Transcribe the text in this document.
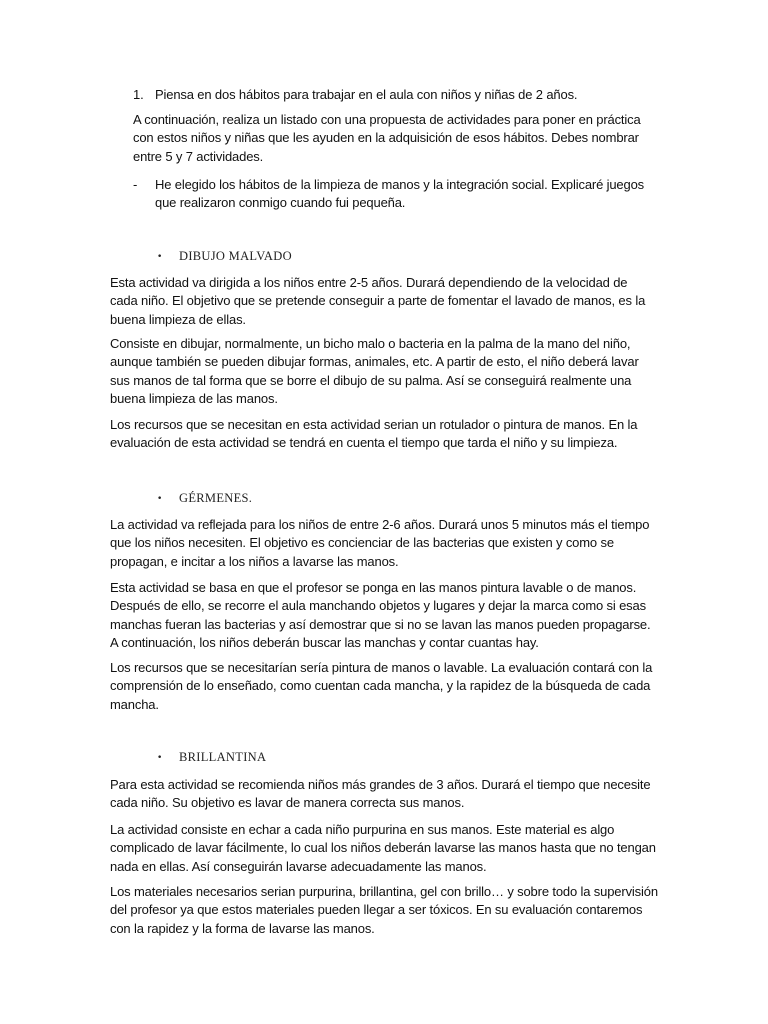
1. Piensa en dos hábitos para trabajar en el aula con niños y niñas de 2 años.

A continuación, realiza un listado con una propuesta de actividades para poner en práctica con estos niños y niñas que les ayuden en la adquisición de esos hábitos. Debes nombrar entre 5 y 7 actividades.

- He elegido los hábitos de la limpieza de manos y la integración social. Explicaré juegos que realizaron conmigo cuando fui pequeña.
• DIBUJO MALVADO

Esta actividad va dirigida a los niños entre 2-5 años. Durará dependiendo de la velocidad de cada niño. El objetivo que se pretende conseguir a parte de fomentar el lavado de manos, es la buena limpieza de ellas.

Consiste en dibujar, normalmente, un bicho malo o bacteria en la palma de la mano del niño, aunque también se pueden dibujar formas, animales, etc. A partir de esto, el niño deberá lavar sus manos de tal forma que se borre el dibujo de su palma. Así se conseguirá realmente una buena limpieza de las manos.

Los recursos que se necesitan en esta actividad serian un rotulador o pintura de manos. En la evaluación de esta actividad se tendrá en cuenta el tiempo que tarda el niño y su limpieza.

• GÉRMENES.

La actividad va reflejada para los niños de entre 2-6 años. Durará unos 5 minutos más el tiempo que los niños necesiten. El objetivo es concienciar de las bacterias que existen y como se propagan, e incitar a los niños a lavarse las manos.

Esta actividad se basa en que el profesor se ponga en las manos pintura lavable o de manos. Después de ello, se recorre el aula manchando objetos y lugares y dejar la marca como si esas manchas fueran las bacterias y así demostrar que si no se lavan las manos pueden propagarse. A continuación, los niños deberán buscar las manchas y contar cuantas hay.

Los recursos que se necesitarían sería pintura de manos o lavable. La evaluación contará con la comprensión de lo enseñado, como cuentan cada mancha, y la rapidez de la búsqueda de cada mancha.

• BRILLANTINA

Para esta actividad se recomienda niños más grandes de 3 años. Durará el tiempo que necesite cada niño. Su objetivo es lavar de manera correcta sus manos.

La actividad consiste en echar a cada niño purpurina en sus manos. Este material es algo complicado de lavar fácilmente, lo cual los niños deberán lavarse las manos hasta que no tengan nada en ellas. Así conseguirán lavarse adecuadamente las manos.

Los materiales necesarios serian purpurina, brillantina, gel con brillo… y sobre todo la supervisión del profesor ya que estos materiales pueden llegar a ser tóxicos. En su evaluación contaremos con la rapidez y la forma de lavarse las manos.
